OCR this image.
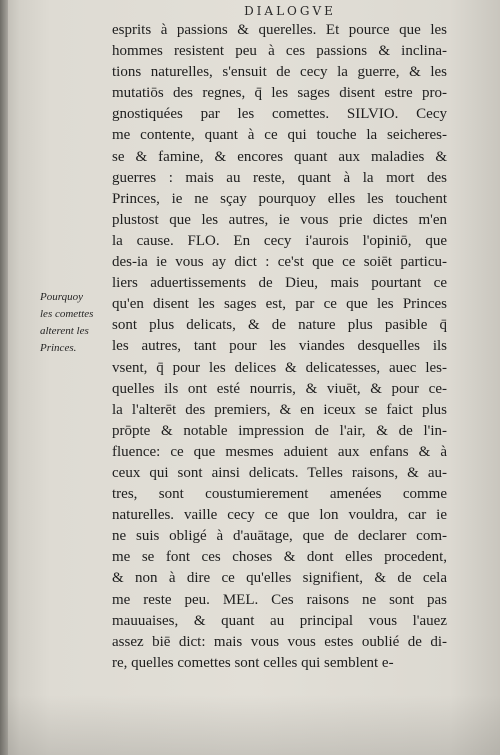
DIALOGVE
Pourquoy
les comettes
alterent les
Princes.
esprits à passions & querelles. Et pource que les
hommes resistent peu à ces passions & inclina-
tions naturelles, s'ensuit de cecy la guerre, & les
mutatiōs des regnes, q̄ les sages disent estre pro-
gnostiquées par les comettes. SILVIO. Cecy
me contente, quant à ce qui touche la seicheres-
se & famine, & encores quant aux maladies &
guerres : mais au reste, quant à la mort des
Princes, ie ne sçay pourquoy elles les touchent
plustost que les autres, ie vous prie dictes m'en
la cause. FLO. En cecy i'aurois l'opiniō, que
des-ia ie vous ay dict : ce'st que ce soiēt particu-
liers aduertissements de Dieu, mais pourtant ce
qu'en disent les sages est, par ce que les Princes
sont plus delicats, & de nature plus pasible q̄
les autres, tant pour les viandes desquelles ils
vsent, q̄ pour les delices & delicatesses, auec les-
quelles ils ont esté nourris, & viuēt, & pour ce-
la l'alterēt des premiers, & en iceux se faict plus
prōpte & notable impression de l'air, & de l'in-
fluence: ce que mesmes aduient aux enfans & à
ceux qui sont ainsi delicats. Telles raisons, & au-
tres, sont coustumierement amenées comme
naturelles. vaille cecy ce que lon vouldra, car ie
ne suis obligé à d'auātage, que de declarer com-
me se font ces choses & dont elles procedent,
& non à dire ce qu'elles signifient, & de cela
me reste peu. MEL. Ces raisons ne sont pas
mauuaises, & quant au principal vous l'auez
assez biē dict: mais vous vous estes oublié de di-
re, quelles comettes sont celles qui semblent e-
